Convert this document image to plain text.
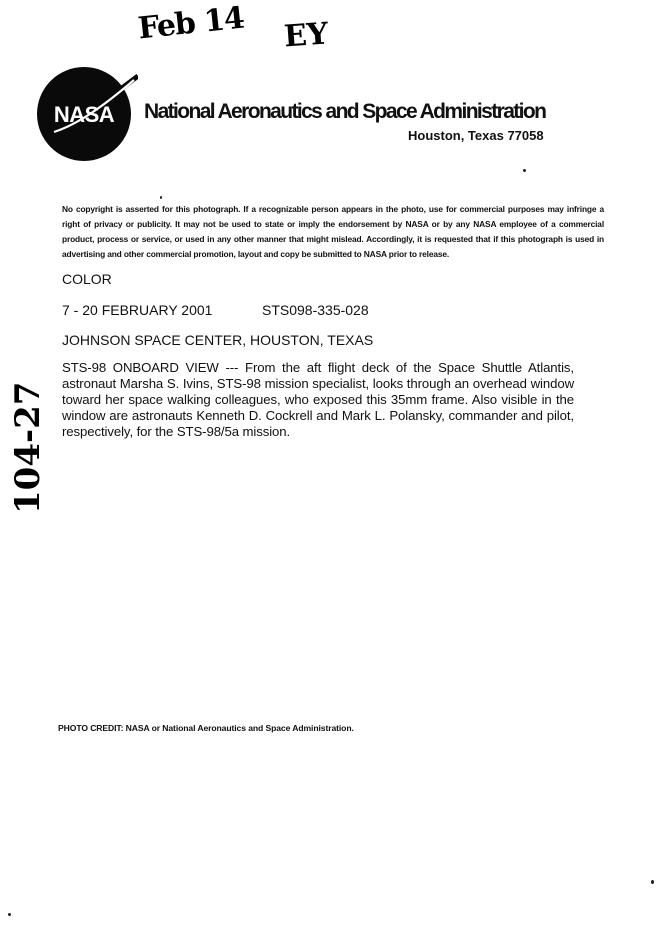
Feb 14 EY
104-27
NASA National Aeronautics and Space Administration
Houston, Texas 77058
No copyright is asserted for this photograph. If a recognizable person appears in the photo, use for commercial purposes may infringe a right of privacy or publicity. It may not be used to state or imply the endorsement by NASA or by any NASA employee of a commercial product, process or service, or used in any other manner that might mislead. Accordingly, it is requested that if this photograph is used in advertising and other commercial promotion, layout and copy be submitted to NASA prior to release.
COLOR
7 - 20 FEBRUARY 2001	STS098-335-028
JOHNSON SPACE CENTER, HOUSTON, TEXAS
STS-98 ONBOARD VIEW --- From the aft flight deck of the Space Shuttle Atlantis, astronaut Marsha S. Ivins, STS-98 mission specialist, looks through an overhead window toward her space walking colleagues, who exposed this 35mm frame. Also visible in the window are astronauts Kenneth D. Cockrell and Mark L. Polansky, commander and pilot, respectively, for the STS-98/5a mission.
PHOTO CREDIT: NASA or National Aeronautics and Space Administration.
